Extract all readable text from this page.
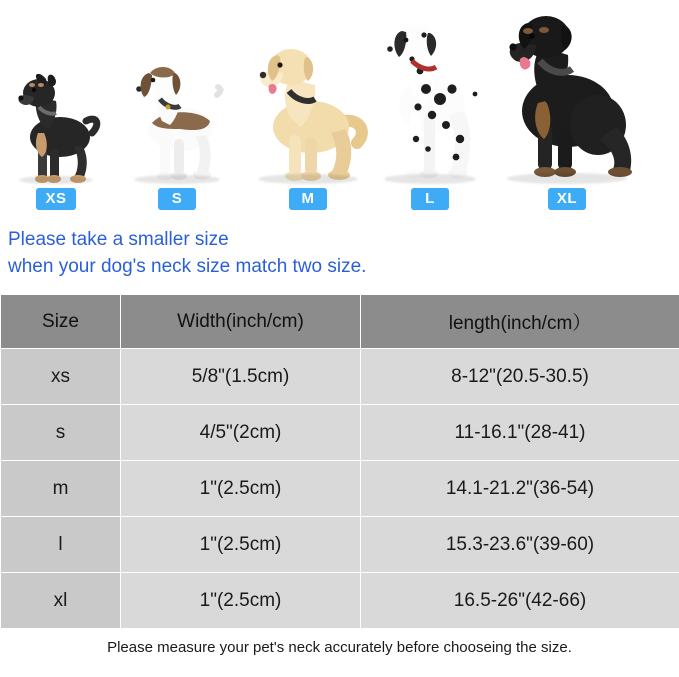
XS	S	M	L	XL
Please take a smaller size
when your dog's neck size match two size.
Size	Width(inch/cm)	length(inch/cm）
xs	5/8"(1.5cm)	8-12"(20.5-30.5)
s	4/5"(2cm)	11-16.1"(28-41)
m	1"(2.5cm)	14.1-21.2"(36-54)
l	1"(2.5cm)	15.3-23.6"(39-60)
xl	1"(2.5cm)	16.5-26"(42-66)
Please measure your pet's neck accurately before chooseing the size.
